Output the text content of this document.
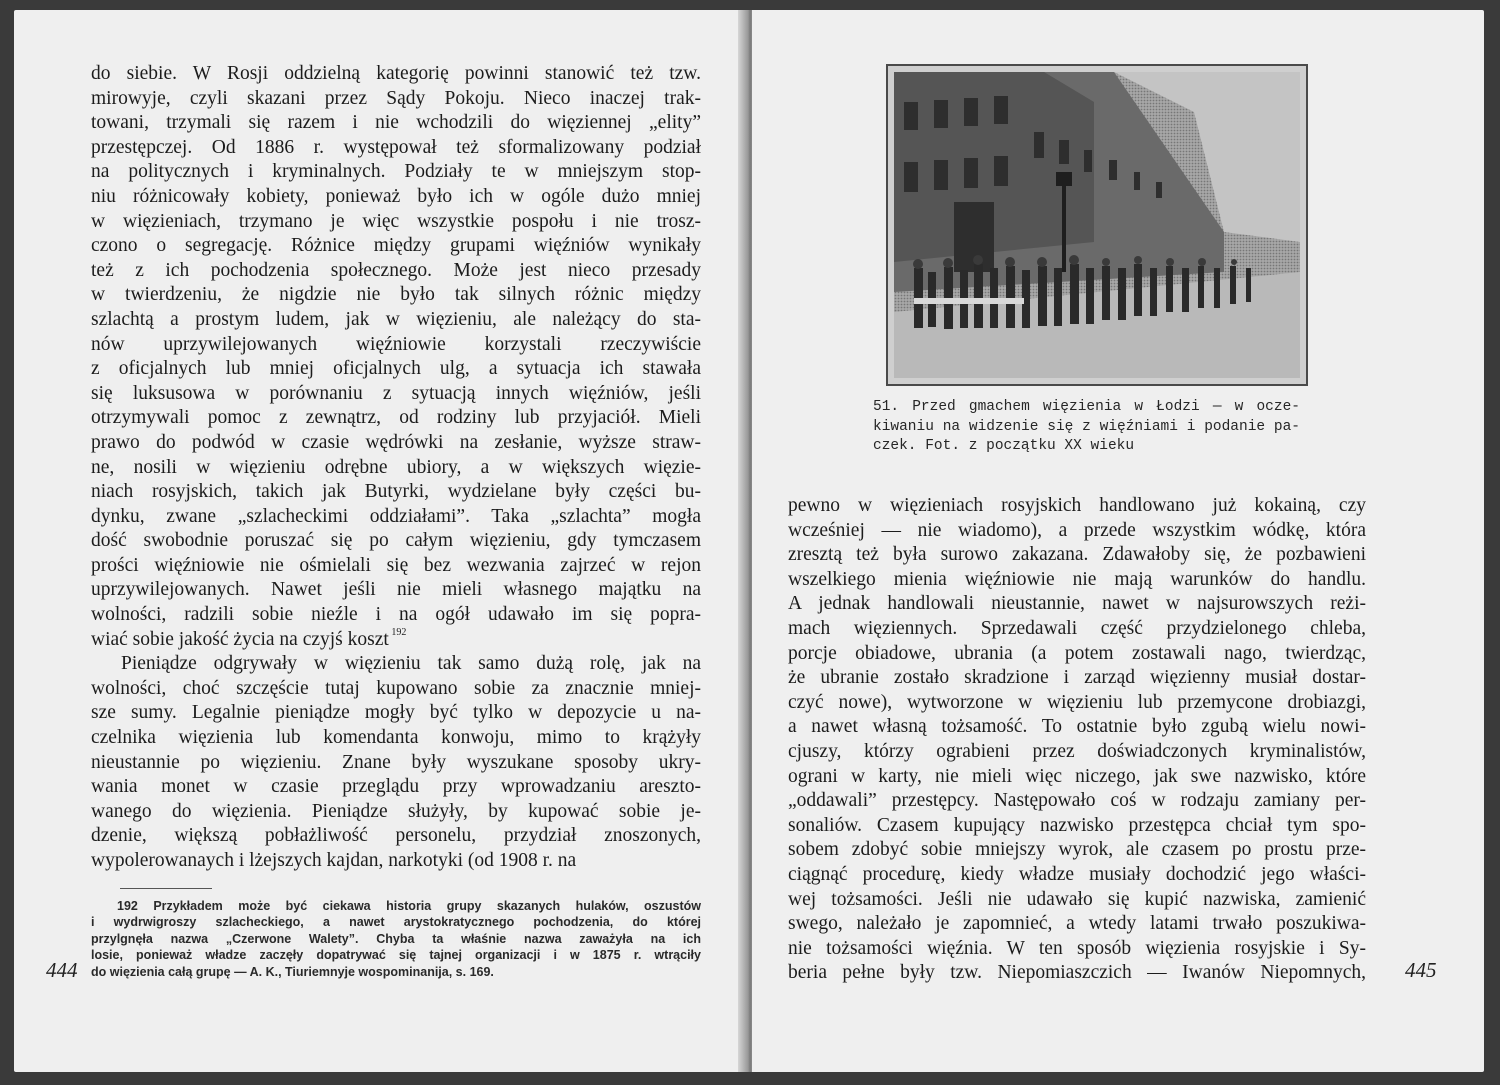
do siebie. W Rosji oddzielną kategorię powinni stanowić też tzw.
mirowyje, czyli skazani przez Sądy Pokoju. Nieco inaczej trak-
towani, trzymali się razem i nie wchodzili do więziennej „elity”
przestępczej. Od 1886 r. występował też sformalizowany podział
na politycznych i kryminalnych. Podziały te w mniejszym stop-
niu różnicowały kobiety, ponieważ było ich w ogóle dużo mniej
w więzieniach, trzymano je więc wszystkie pospołu i nie trosz-
czono o segregację. Różnice między grupami więźniów wynikały
też z ich pochodzenia społecznego. Może jest nieco przesady
w twierdzeniu, że nigdzie nie było tak silnych różnic między
szlachtą a prostym ludem, jak w więzieniu, ale należący do sta-
nów uprzywilejowanych więźniowie korzystali rzeczywiście
z oficjalnych lub mniej oficjalnych ulg, a sytuacja ich stawała
się luksusowa w porównaniu z sytuacją innych więźniów, jeśli
otrzymywali pomoc z zewnątrz, od rodziny lub przyjaciół. Mieli
prawo do podwód w czasie wędrówki na zesłanie, wyższe straw-
ne, nosili w więzieniu odrębne ubiory, a w większych więzie-
niach rosyjskich, takich jak Butyrki, wydzielane były części bu-
dynku, zwane „szlacheckimi oddziałami”. Taka „szlachta” mogła
dość swobodnie poruszać się po całym więzieniu, gdy tymczasem
prości więźniowie nie ośmielali się bez wezwania zajrzeć w rejon
uprzywilejowanych. Nawet jeśli nie mieli własnego majątku na
wolności, radzili sobie nieźle i na ogół udawało im się popra-
wiać sobie jakość życia na czyjś koszt $^{192}$
Pieniądze odgrywały w więzieniu tak samo dużą rolę, jak na
wolności, choć szczęście tutaj kupowano sobie za znacznie mniej-
sze sumy. Legalnie pieniądze mogły być tylko w depozycie u na-
czelnika więzienia lub komendanta konwoju, mimo to krążyły
nieustannie po więzieniu. Znane były wyszukane sposoby ukry-
wania monet w czasie przeglądu przy wprowadzaniu areszto-
wanego do więzienia. Pieniądze służyły, by kupować sobie je-
dzenie, większą pobłażliwość personelu, przydział znoszonych,
wypolerowanaych i lżejszych kajdan, narkotyki (od 1908 r. na
192 Przykładem może być ciekawa historia grupy skazanych hulaków, oszustów
i wydrwigroszy szlacheckiego, a nawet arystokratycznego pochodzenia, do której
przylgnęła nazwa „Czerwone Walety”. Chyba ta właśnie nazwa zaważyła na ich
losie, ponieważ władze zaczęły dopatrywać się tajnej organizacji i w 1875 r. wtrąciły
do więzienia całą grupę — A. K., Tiuriemnyje wospominanija, s. 169.
444
51. Przed gmachem więzienia w Łodzi — w ocze-
kiwaniu na widzenie się z więźniami i podanie pa-
czek. Fot. z początku XX wieku
pewno w więzieniach rosyjskich handlowano już kokainą, czy
wcześniej — nie wiadomo), a przede wszystkim wódkę, która
zresztą też była surowo zakazana. Zdawałoby się, że pozbawieni
wszelkiego mienia więźniowie nie mają warunków do handlu.
A jednak handlowali nieustannie, nawet w najsurowszych reżi-
mach więziennych. Sprzedawali część przydzielonego chleba,
porcje obiadowe, ubrania (a potem zostawali nago, twierdząc,
że ubranie zostało skradzione i zarząd więzienny musiał dostar-
czyć nowe), wytworzone w więzieniu lub przemycone drobiazgi,
a nawet własną tożsamość. To ostatnie było zgubą wielu nowi-
cjuszy, którzy ograbieni przez doświadczonych kryminalistów,
ograni w karty, nie mieli więc niczego, jak swe nazwisko, które
„oddawali” przestępcy. Następowało coś w rodzaju zamiany per-
sonaliów. Czasem kupujący nazwisko przestępca chciał tym spo-
sobem zdobyć sobie mniejszy wyrok, ale czasem po prostu prze-
ciągnąć procedurę, kiedy władze musiały dochodzić jego właści-
wej tożsamości. Jeśli nie udawało się kupić nazwiska, zamienić
swego, należało je zapomnieć, a wtedy latami trwało poszukiwa-
nie tożsamości więźnia. W ten sposób więzienia rosyjskie i Sy-
beria pełne były tzw. Niepomiaszczich — Iwanów Niepomnych, 445
